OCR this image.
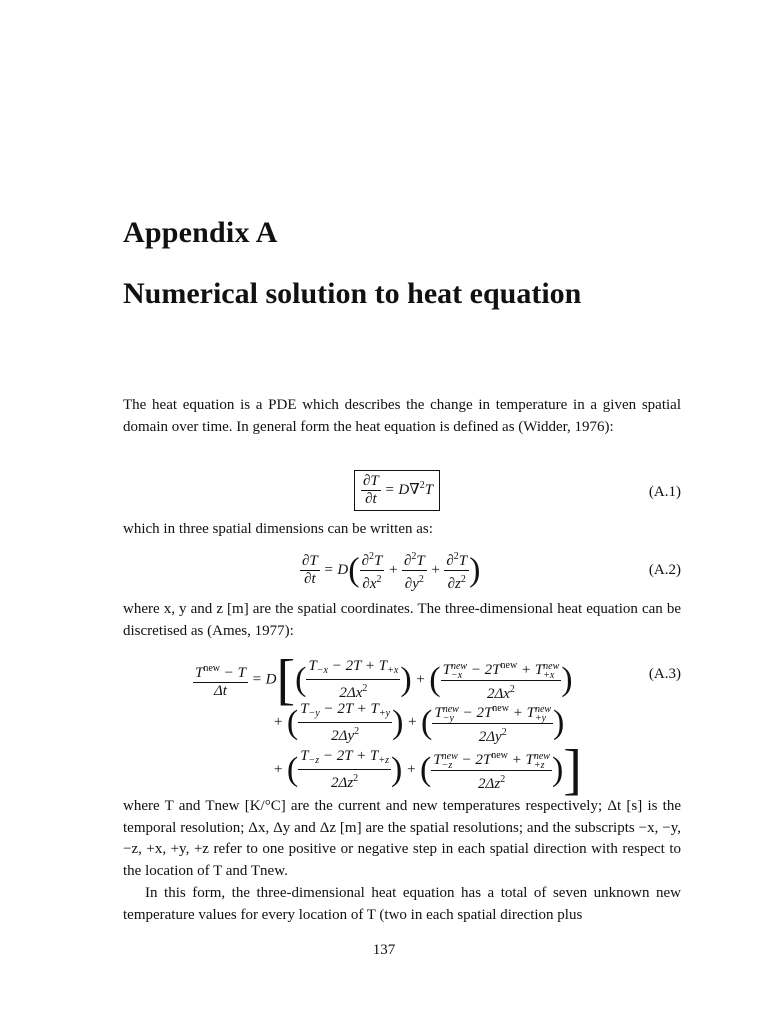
Appendix A
Numerical solution to heat equation
The heat equation is a PDE which describes the change in temperature in a given spatial domain over time. In general form the heat equation is defined as (Widder, 1976):
$\frac{\partial T}{\partial t} = D\nabla^2T$	(A.1)
which in three spatial dimensions can be written as:
$\frac{\partial T}{\partial t} = D( \frac{\partial^2T}{\partial x^2} + \frac{\partial^2T}{\partial y^2} + \frac{\partial^2T}{\partial z^2}$ )	(A.2)
where x, y and z [m] are the spatial coordinates. The three-dimensional heat equation can be discretised as (Ames, 1977):
$\frac{T^{new} - T}{\Delta t} = D[( \frac{T_{-x} - 2T + T_{+x}}{2\Delta x^2}$ ) + ( T new
$-x - 2T^{new} + T$ new
+x
$2\Delta x^2$ )
+ ( $\frac{T_{-y} - 2T + T_{+y}}{2\Delta y^2}$ ) + ( T new
$-y - 2T^{new} + T$ new
+y
$2\Delta y^2$ )
+ ( $\frac{T_{-z} - 2T + T_{+z}}{2\Delta z^2}$ ) + ( T new
$-z - 2T^{new} + T$ new
+z
$2\Delta z^2$ )]
(A.3)
where T and Tnew [K/°C] are the current and new temperatures respectively; Δt [s] is the temporal resolution; Δx, Δy and Δz [m] are the spatial resolutions; and the subscripts −x, −y, −z, +x, +y, +z refer to one positive or negative step in each spatial direction with respect to the location of T and Tnew.
In this form, the three-dimensional heat equation has a total of seven unknown new temperature values for every location of T (two in each spatial direction plus
137
